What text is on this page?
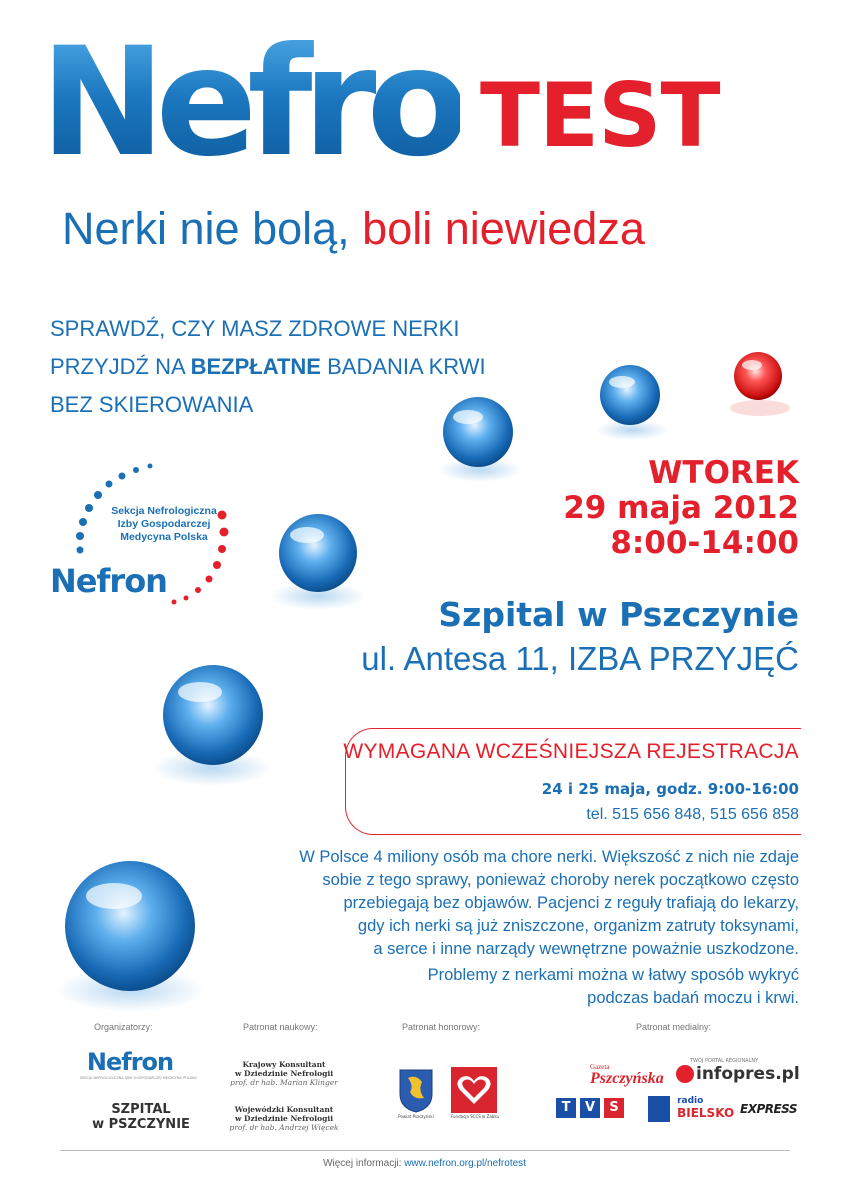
Nefro TEST
Nerki nie bolą, boli niewiedza
SPRAWDŹ, CZY MASZ ZDROWE NERKI
PRZYJDŹ NA BEZPŁATNE BADANIA KRWI
BEZ SKIEROWANIA
Sekcja Nefrologiczna
Izby Gospodarczej
Medycyna Polska
Nefron
WTOREK
29 maja 2012
8:00-14:00
Szpital w Pszczynie
ul. Antesa 11, IZBA PRZYJĘĆ
WYMAGANA WCZEŚNIEJSZA REJESTRACJA
24 i 25 maja, godz. 9:00-16:00
tel. 515 656 848, 515 656 858
W Polsce 4 miliony osób ma chore nerki. Większość z nich nie zdaje
sobie z tego sprawy, ponieważ choroby nerek początkowo często
przebiegają bez objawów. Pacjenci z reguły trafiają do lekarzy,
gdy ich nerki są już zniszczone, organizm zatruty toksynami,
a serce i inne narządy wewnętrzne poważnie uszkodzone.
Problemy z nerkami można w łatwy sposób wykryć
podczas badań moczu i krwi.
Organizatorzy:	Patronat naukowy:	Patronat honorowy:	Patronat medialny:
Nefron
SEKCJA NEFROLOGICZNA IZBY GOSPODARCZEJ MEDYCYNA POLSKA
SZPITAL
w PSZCZYNIE
Krajowy Konsultant
w Dziedzinie Nefrologii
prof. dr hab. Marian Klinger
Wojewódzki Konsultant
w Dziedzinie Nefrologii
prof. dr hab. Andrzej Więcek
Powiat Pszczyński	Fundacja SCCS w Żabku
Gazeta
Pszczyńska
TWÓJ PORTAL REGIONALNY
infopres.pl
T	V	S
	radio
BIELSKO EXPRESS
Więcej informacji: www.nefron.org.pl/nefrotest
